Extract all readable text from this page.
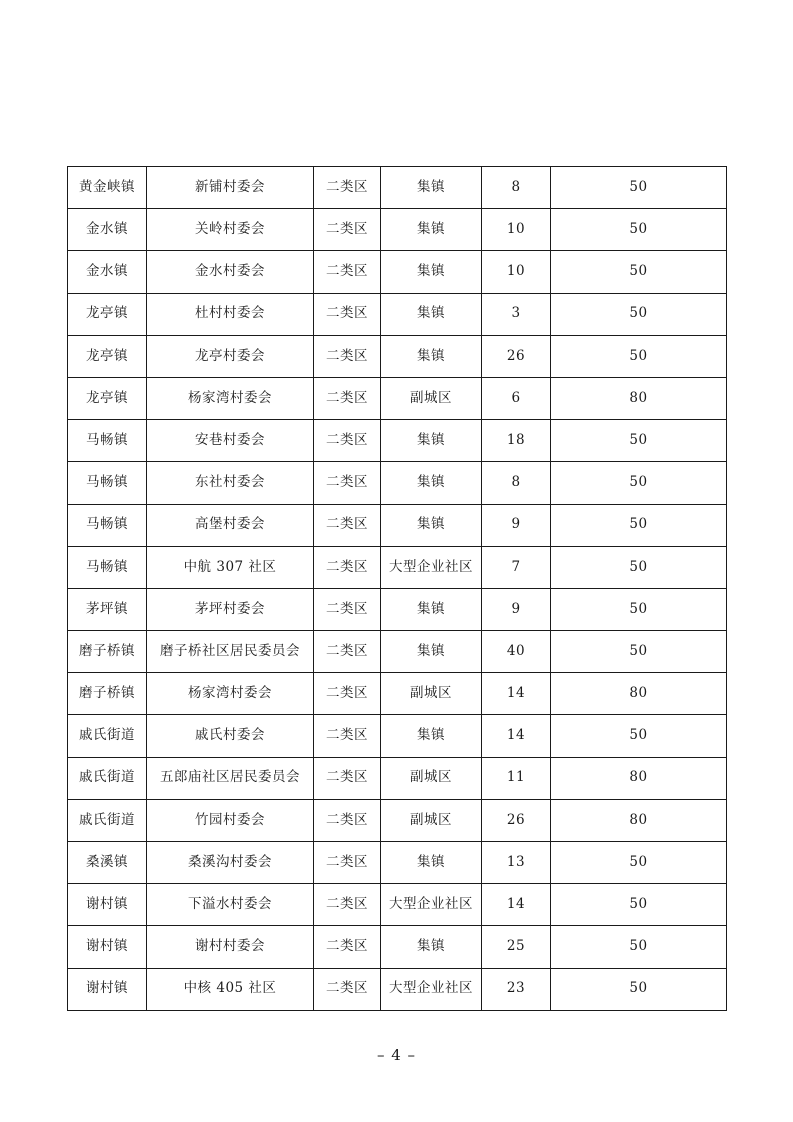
黄金峡镇	新铺村委会	二类区	集镇	8	50
金水镇	关岭村委会	二类区	集镇	10	50
金水镇	金水村委会	二类区	集镇	10	50
龙亭镇	杜村村委会	二类区	集镇	3	50
龙亭镇	龙亭村委会	二类区	集镇	26	50
龙亭镇	杨家湾村委会	二类区	副城区	6	80
马畅镇	安巷村委会	二类区	集镇	18	50
马畅镇	东社村委会	二类区	集镇	8	50
马畅镇	高堡村委会	二类区	集镇	9	50
马畅镇	中航 307 社区	二类区	大型企业社区	7	50
茅坪镇	茅坪村委会	二类区	集镇	9	50
磨子桥镇	磨子桥社区居民委员会	二类区	集镇	40	50
磨子桥镇	杨家湾村委会	二类区	副城区	14	80
戚氏街道	戚氏村委会	二类区	集镇	14	50
戚氏街道	五郎庙社区居民委员会	二类区	副城区	11	80
戚氏街道	竹园村委会	二类区	副城区	26	80
桑溪镇	桑溪沟村委会	二类区	集镇	13	50
谢村镇	下溢水村委会	二类区	大型企业社区	14	50
谢村镇	谢村村委会	二类区	集镇	25	50
谢村镇	中核 405 社区	二类区	大型企业社区	23	50
– 4 –
